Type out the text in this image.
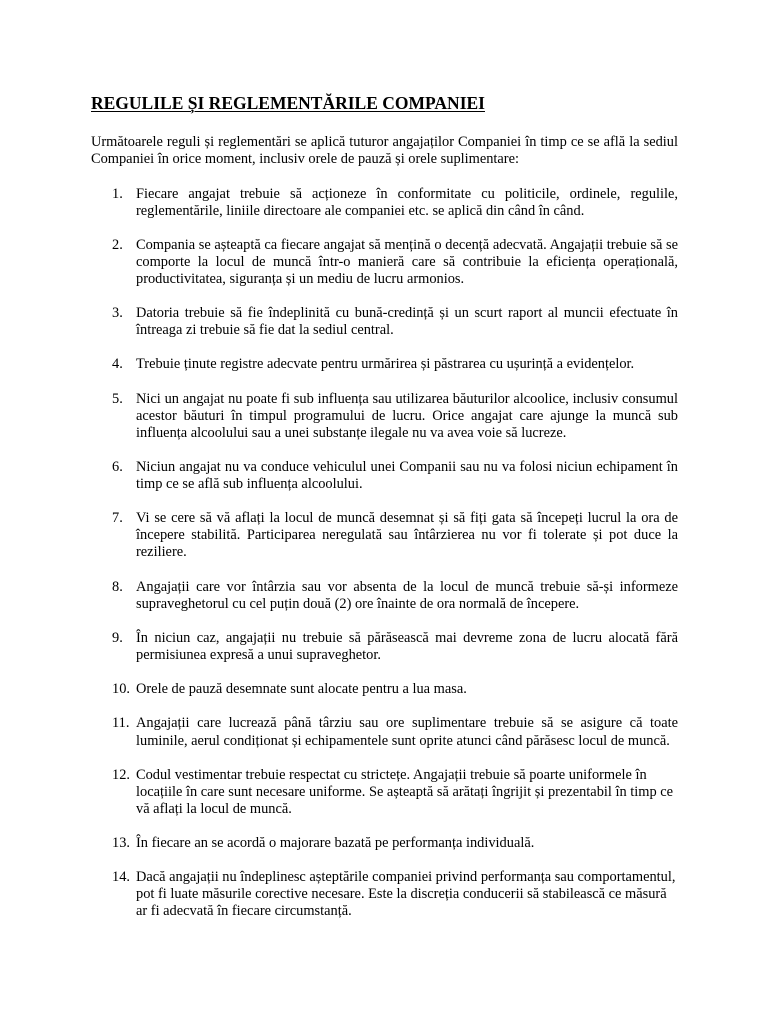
REGULILE ȘI REGLEMENTĂRILE COMPANIEI

Următoarele reguli și reglementări se aplică tuturor angajaților Companiei în timp ce se află la sediul Companiei în orice moment, inclusiv orele de pauză și orele suplimentare:

1. Fiecare angajat trebuie să acționeze în conformitate cu politicile, ordinele, regulile, reglementările, liniile directoare ale companiei etc. se aplică din când în când.
2. Compania se așteaptă ca fiecare angajat să mențină o decență adecvată. Angajații trebuie să se comporte la locul de muncă într-o manieră care să contribuie la eficiența operațională, productivitatea, siguranța și un mediu de lucru armonios.
3. Datoria trebuie să fie îndeplinită cu bună-credință și un scurt raport al muncii efectuate în întreaga zi trebuie să fie dat la sediul central.
4. Trebuie ținute registre adecvate pentru urmărirea și păstrarea cu ușurință a evidențelor.
5. Nici un angajat nu poate fi sub influența sau utilizarea băuturilor alcoolice, inclusiv consumul acestor băuturi în timpul programului de lucru. Orice angajat care ajunge la muncă sub influența alcoolului sau a unei substanțe ilegale nu va avea voie să lucreze.
6. Niciun angajat nu va conduce vehiculul unei Companii sau nu va folosi niciun echipament în timp ce se află sub influența alcoolului.
7. Vi se cere să vă aflați la locul de muncă desemnat și să fiți gata să începeți lucrul la ora de începere stabilită. Participarea neregulată sau întârzierea nu vor fi tolerate și pot duce la reziliere.
8. Angajații care vor întârzia sau vor absenta de la locul de muncă trebuie să-și informeze supraveghetorul cu cel puțin două (2) ore înainte de ora normală de începere.
9. În niciun caz, angajații nu trebuie să părăsească mai devreme zona de lucru alocată fără permisiunea expresă a unui supraveghetor.
10. Orele de pauză desemnate sunt alocate pentru a lua masa.
11. Angajații care lucrează până târziu sau ore suplimentare trebuie să se asigure că toate luminile, aerul condiționat și echipamentele sunt oprite atunci când părăsesc locul de muncă.
12. Codul vestimentar trebuie respectat cu strictețe. Angajații trebuie să poarte uniformele în locațiile în care sunt necesare uniforme. Se așteaptă să arătați îngrijit și prezentabil în timp ce vă aflați la locul de muncă.
13. În fiecare an se acordă o majorare bazată pe performanța individuală.
14. Dacă angajații nu îndeplinesc așteptările companiei privind performanța sau comportamentul, pot fi luate măsurile corective necesare. Este la discreția conducerii să stabilească ce măsură ar fi adecvată în fiecare circumstanță.
